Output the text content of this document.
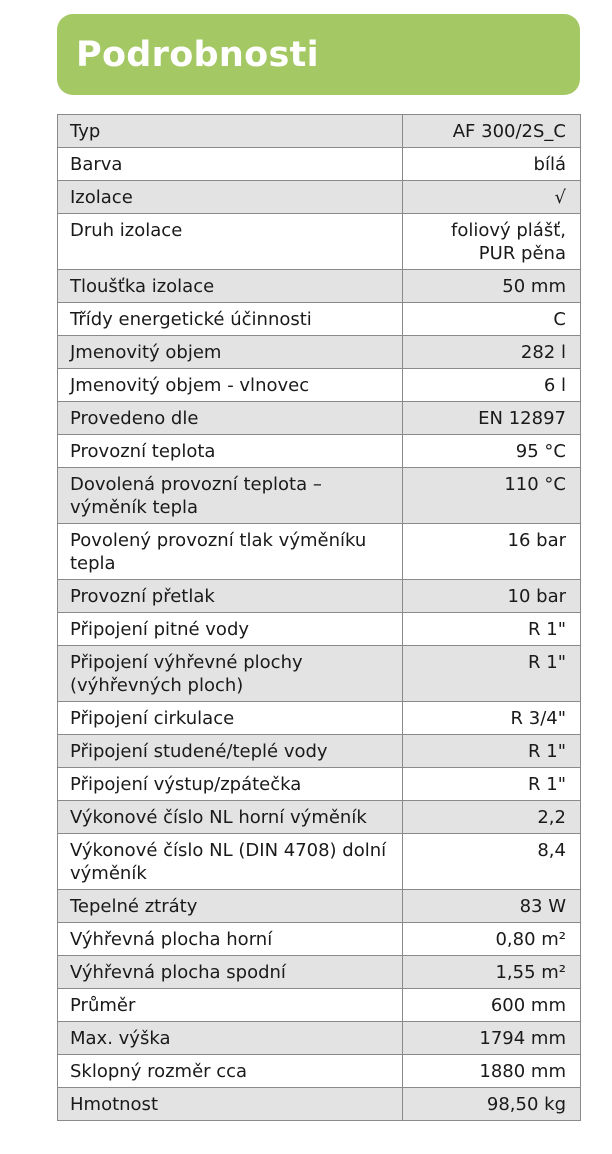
Podrobnosti
Typ	AF 300/2S_C
Barva	bílá
Izolace	√
Druh izolace	foliový plášť, PUR pěna
Tloušťka izolace	50 mm
Třídy energetické účinnosti	C
Jmenovitý objem	282 l
Jmenovitý objem - vlnovec	6 l
Provedeno dle	EN 12897
Provozní teplota	95 °C
Dovolená provozní teplota – výměník tepla	110 °C
Povolený provozní tlak výměníku tepla	16 bar
Provozní přetlak	10 bar
Připojení pitné vody	R 1"
Připojení výhřevné plochy (výhřevných ploch)	R 1"
Připojení cirkulace	R 3/4"
Připojení studené/teplé vody	R 1"
Připojení výstup/zpátečka	R 1"
Výkonové číslo NL horní výměník	2,2
Výkonové číslo NL (DIN 4708) dolní výměník	8,4
Tepelné ztráty	83 W
Výhřevná plocha horní	0,80 m²
Výhřevná plocha spodní	1,55 m²
Průměr	600 mm
Max. výška	1794 mm
Sklopný rozměr cca	1880 mm
Hmotnost	98,50 kg
